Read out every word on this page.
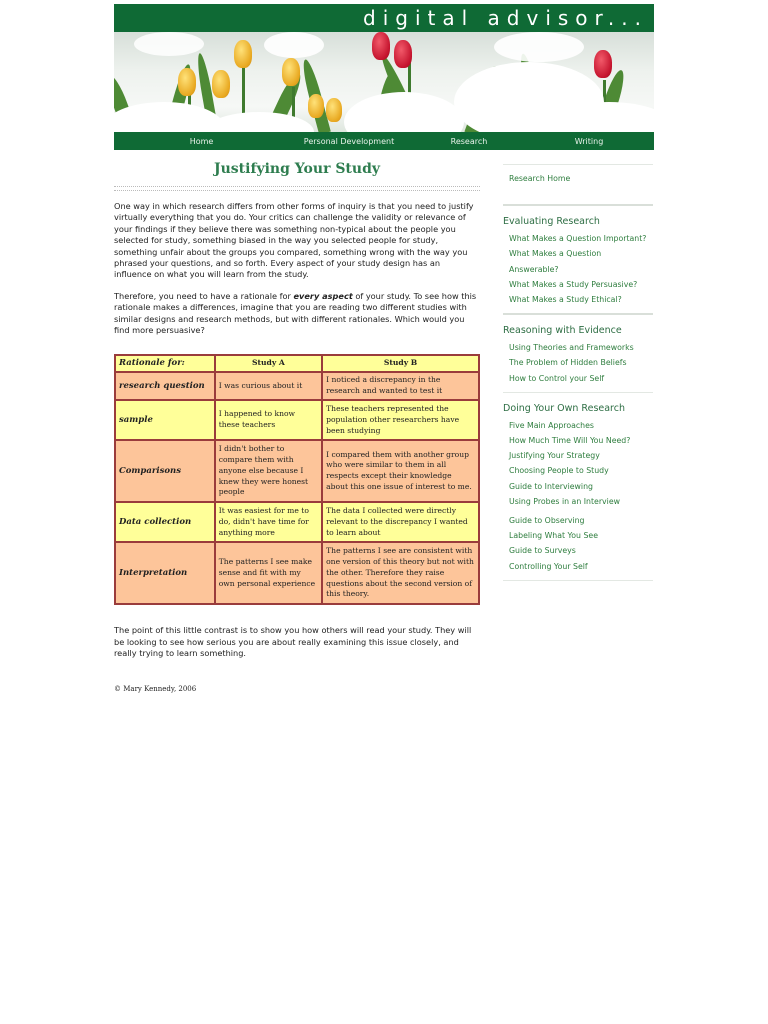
digital advisor...
Home	Personal Development	Research	Writing
Justifying Your Study

One way in which research differs from other forms of inquiry is that you need to justify virtually everything that you do. Your critics can challenge the validity or relevance of your findings if they believe there was something non-typical about the people you selected for study, something biased in the way you selected people for study, something unfair about the groups you compared, something wrong with the way you phrased your questions, and so forth. Every aspect of your study design has an influence on what you will learn from the study.

Therefore, you need to have a rationale for every aspect of your study. To see how this rationale makes a differences, imagine that you are reading two different studies with similar designs and research methods, but with different rationales. Which would you find more persuasive?

Rationale for:	Study A	Study B
research question	I was curious about it	I noticed a discrepancy in the research and wanted to test it
sample	I happened to know these teachers	These teachers represented the population other researchers have been studying
Comparisons	I didn't bother to compare them with anyone else because I knew they were honest people	I compared them with another group who were similar to them in all respects except their knowledge about this one issue of interest to me.
Data collection	It was easiest for me to do, didn't have time for anything more	The data I collected were directly relevant to the discrepancy I wanted to learn about
Interpretation	The patterns I see make sense and fit with my own personal experience	The patterns I see are consistent with one version of this theory but not with the other. Therefore they raise questions about the second version of this theory.

The point of this little contrast is to show you how others will read your study. They will be looking to see how serious you are about really examining this issue closely, and really trying to learn something.

© Mary Kennedy, 2006
Research Home
Evaluating Research
What Makes a Question Important?
What Makes a Question Answerable?
What Makes a Study Persuasive?
What Makes a Study Ethical?
Reasoning with Evidence
Using Theories and Frameworks
The Problem of Hidden Beliefs
How to Control your Self
Doing Your Own Research
Five Main Approaches
How Much Time Will You Need?
Justifying Your Strategy
Choosing People to Study
Guide to Interviewing
Using Probes in an Interview
Guide to Observing
Labeling What You See
Guide to Surveys
Controlling Your Self
